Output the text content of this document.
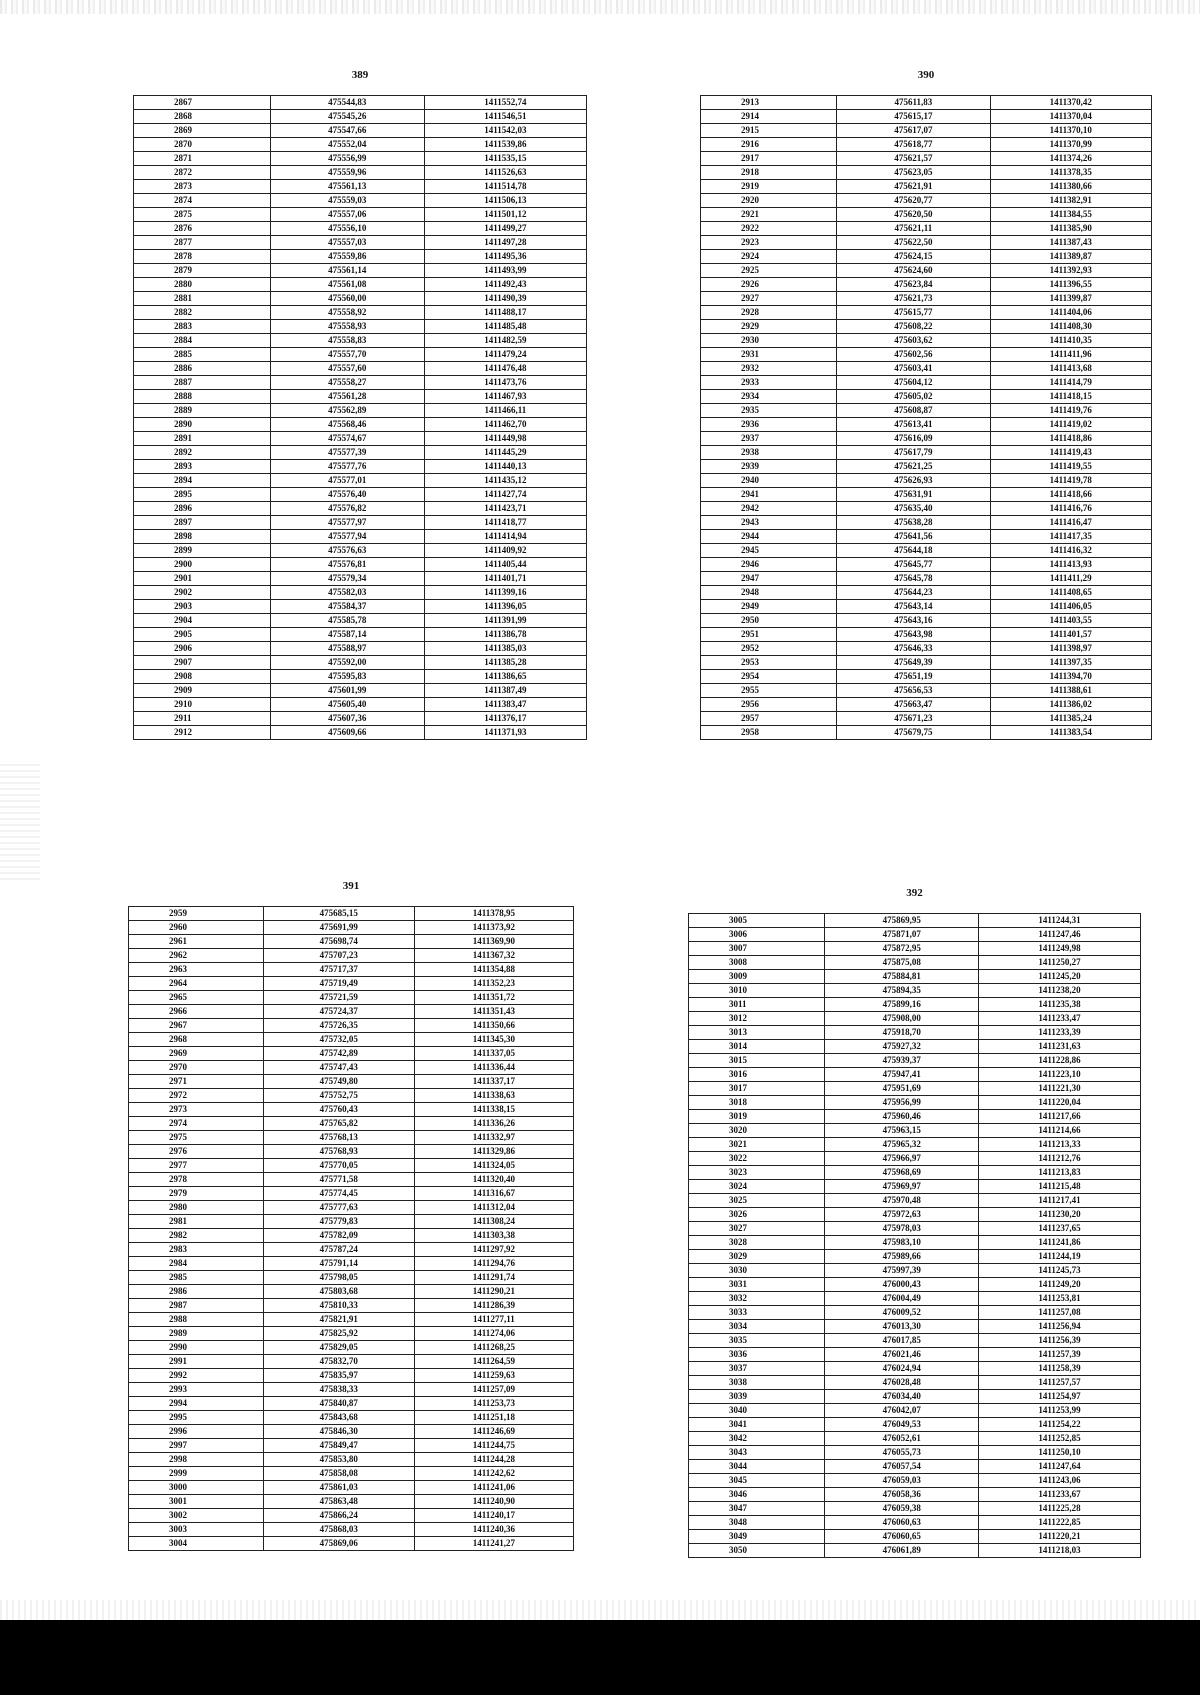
389
2867	475544,83	1411552,74
2868	475545,26	1411546,51
2869	475547,66	1411542,03
2870	475552,04	1411539,86
2871	475556,99	1411535,15
2872	475559,96	1411526,63
2873	475561,13	1411514,78
2874	475559,03	1411506,13
2875	475557,06	1411501,12
2876	475556,10	1411499,27
2877	475557,03	1411497,28
2878	475559,86	1411495,36
2879	475561,14	1411493,99
2880	475561,08	1411492,43
2881	475560,00	1411490,39
2882	475558,92	1411488,17
2883	475558,93	1411485,48
2884	475558,83	1411482,59
2885	475557,70	1411479,24
2886	475557,60	1411476,48
2887	475558,27	1411473,76
2888	475561,28	1411467,93
2889	475562,89	1411466,11
2890	475568,46	1411462,70
2891	475574,67	1411449,98
2892	475577,39	1411445,29
2893	475577,76	1411440,13
2894	475577,01	1411435,12
2895	475576,40	1411427,74
2896	475576,82	1411423,71
2897	475577,97	1411418,77
2898	475577,94	1411414,94
2899	475576,63	1411409,92
2900	475576,81	1411405,44
2901	475579,34	1411401,71
2902	475582,03	1411399,16
2903	475584,37	1411396,05
2904	475585,78	1411391,99
2905	475587,14	1411386,78
2906	475588,97	1411385,03
2907	475592,00	1411385,28
2908	475595,83	1411386,65
2909	475601,99	1411387,49
2910	475605,40	1411383,47
2911	475607,36	1411376,17
2912	475609,66	1411371,93
390
2913	475611,83	1411370,42
2914	475615,17	1411370,04
2915	475617,07	1411370,10
2916	475618,77	1411370,99
2917	475621,57	1411374,26
2918	475623,05	1411378,35
2919	475621,91	1411380,66
2920	475620,77	1411382,91
2921	475620,50	1411384,55
2922	475621,11	1411385,90
2923	475622,50	1411387,43
2924	475624,15	1411389,87
2925	475624,60	1411392,93
2926	475623,84	1411396,55
2927	475621,73	1411399,87
2928	475615,77	1411404,06
2929	475608,22	1411408,30
2930	475603,62	1411410,35
2931	475602,56	1411411,96
2932	475603,41	1411413,68
2933	475604,12	1411414,79
2934	475605,02	1411418,15
2935	475608,87	1411419,76
2936	475613,41	1411419,02
2937	475616,09	1411418,86
2938	475617,79	1411419,43
2939	475621,25	1411419,55
2940	475626,93	1411419,78
2941	475631,91	1411418,66
2942	475635,40	1411416,76
2943	475638,28	1411416,47
2944	475641,56	1411417,35
2945	475644,18	1411416,32
2946	475645,77	1411413,93
2947	475645,78	1411411,29
2948	475644,23	1411408,65
2949	475643,14	1411406,05
2950	475643,16	1411403,55
2951	475643,98	1411401,57
2952	475646,33	1411398,97
2953	475649,39	1411397,35
2954	475651,19	1411394,70
2955	475656,53	1411388,61
2956	475663,47	1411386,02
2957	475671,23	1411385,24
2958	475679,75	1411383,54
391
2959	475685,15	1411378,95
2960	475691,99	1411373,92
2961	475698,74	1411369,90
2962	475707,23	1411367,32
2963	475717,37	1411354,88
2964	475719,49	1411352,23
2965	475721,59	1411351,72
2966	475724,37	1411351,43
2967	475726,35	1411350,66
2968	475732,05	1411345,30
2969	475742,89	1411337,05
2970	475747,43	1411336,44
2971	475749,80	1411337,17
2972	475752,75	1411338,63
2973	475760,43	1411338,15
2974	475765,82	1411336,26
2975	475768,13	1411332,97
2976	475768,93	1411329,86
2977	475770,05	1411324,05
2978	475771,58	1411320,40
2979	475774,45	1411316,67
2980	475777,63	1411312,04
2981	475779,83	1411308,24
2982	475782,09	1411303,38
2983	475787,24	1411297,92
2984	475791,14	1411294,76
2985	475798,05	1411291,74
2986	475803,68	1411290,21
2987	475810,33	1411286,39
2988	475821,91	1411277,11
2989	475825,92	1411274,06
2990	475829,05	1411268,25
2991	475832,70	1411264,59
2992	475835,97	1411259,63
2993	475838,33	1411257,09
2994	475840,87	1411253,73
2995	475843,68	1411251,18
2996	475846,30	1411246,69
2997	475849,47	1411244,75
2998	475853,80	1411244,28
2999	475858,08	1411242,62
3000	475861,03	1411241,06
3001	475863,48	1411240,90
3002	475866,24	1411240,17
3003	475868,03	1411240,36
3004	475869,06	1411241,27
392
3005	475869,95	1411244,31
3006	475871,07	1411247,46
3007	475872,95	1411249,98
3008	475875,08	1411250,27
3009	475884,81	1411245,20
3010	475894,35	1411238,20
3011	475899,16	1411235,38
3012	475908,00	1411233,47
3013	475918,70	1411233,39
3014	475927,32	1411231,63
3015	475939,37	1411228,86
3016	475947,41	1411223,10
3017	475951,69	1411221,30
3018	475956,99	1411220,04
3019	475960,46	1411217,66
3020	475963,15	1411214,66
3021	475965,32	1411213,33
3022	475966,97	1411212,76
3023	475968,69	1411213,83
3024	475969,97	1411215,48
3025	475970,48	1411217,41
3026	475972,63	1411230,20
3027	475978,03	1411237,65
3028	475983,10	1411241,86
3029	475989,66	1411244,19
3030	475997,39	1411245,73
3031	476000,43	1411249,20
3032	476004,49	1411253,81
3033	476009,52	1411257,08
3034	476013,30	1411256,94
3035	476017,85	1411256,39
3036	476021,46	1411257,39
3037	476024,94	1411258,39
3038	476028,48	1411257,57
3039	476034,40	1411254,97
3040	476042,07	1411253,99
3041	476049,53	1411254,22
3042	476052,61	1411252,85
3043	476055,73	1411250,10
3044	476057,54	1411247,64
3045	476059,03	1411243,06
3046	476058,36	1411233,67
3047	476059,38	1411225,28
3048	476060,63	1411222,85
3049	476060,65	1411220,21
3050	476061,89	1411218,03
